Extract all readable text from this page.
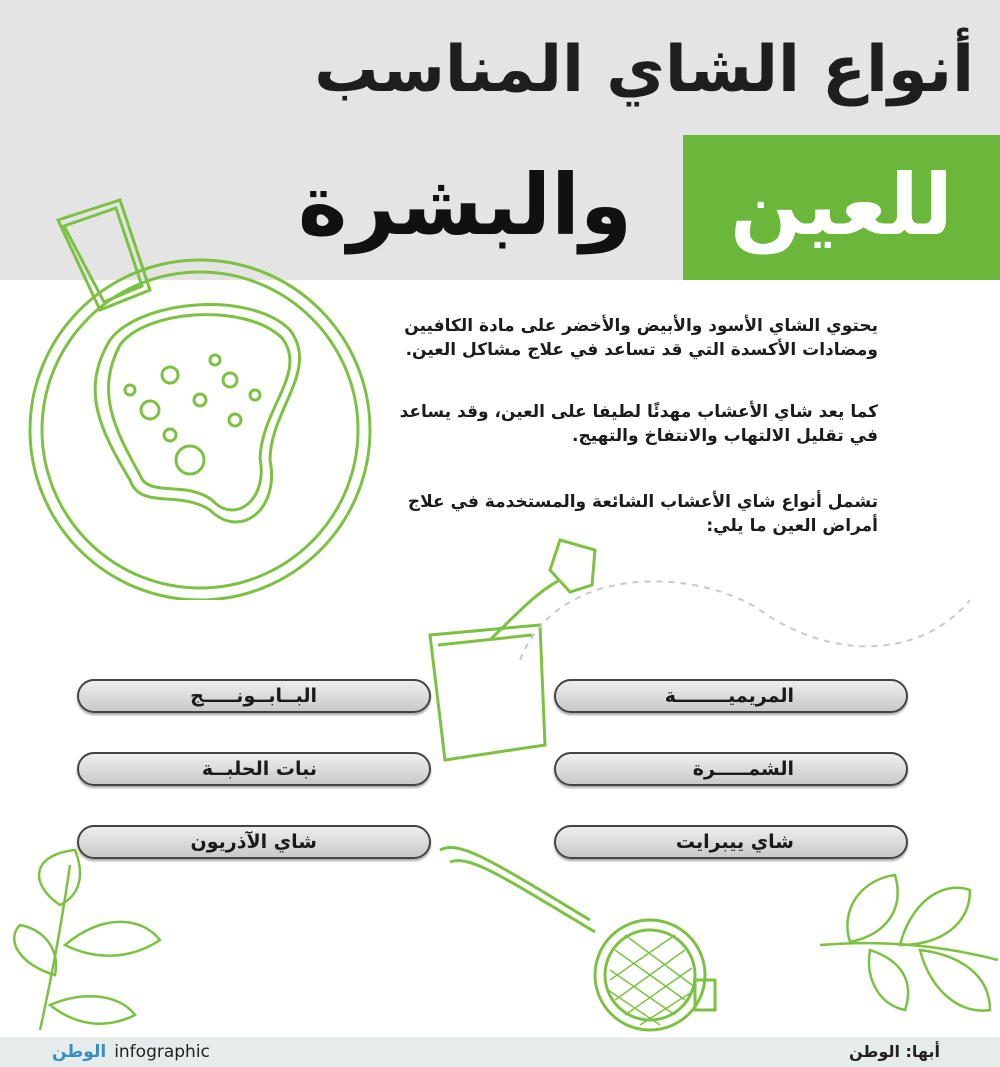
أنواع الشاي المناسب
للعين
والبشرة
يحتوي الشاي الأسود والأبيض والأخضر على مادة الكافيين ومضادات الأكسدة التي قد تساعد في علاج مشاكل العين.
كما يعد شاي الأعشاب مهدئًا لطيفا على العين، وقد يساعد في تقليل الالتهاب والانتفاخ والتهيج.
تشمل أنواع شاي الأعشاب الشائعة والمستخدمة في علاج أمراض العين ما يلي:
المريميــــــــة
الشمـــــرة
شاي ييبرايت
البــابــونـــــج
نبات الحلبــة
شاي الآذريون
الوطن infographic	أبها: الوطن
